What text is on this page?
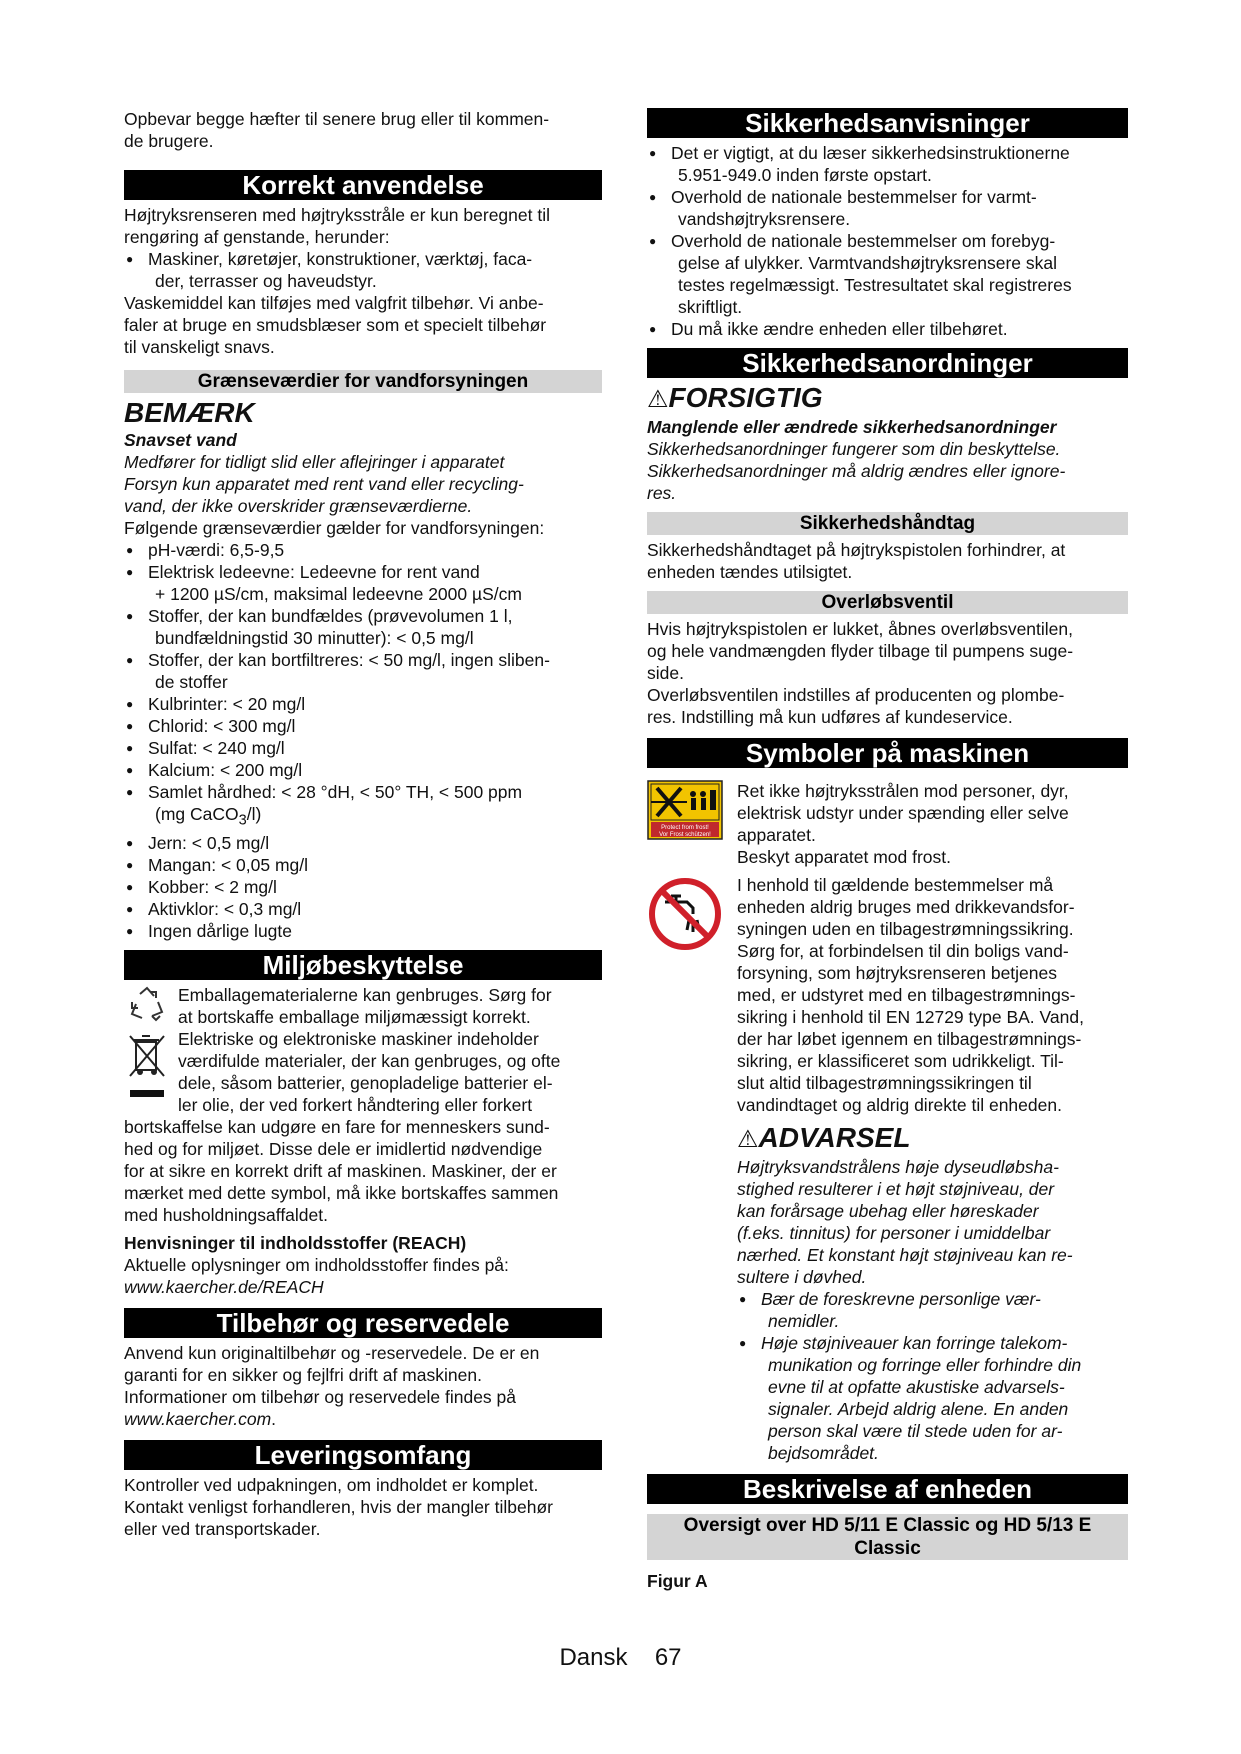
Opbevar begge hæfter til senere brug eller til kommen-
de brugere.

Korrekt anvendelse

Højtryksrenseren med højtryksstråle er kun beregnet til
rengøring af genstande, herunder:

● Maskiner, køretøjer, konstruktioner, værktøj, faca-
der, terrasser og haveudstyr.

Vaskemiddel kan tilføjes med valgfrit tilbehør. Vi anbe-
faler at bruge en smudsblæser som et specielt tilbehør
til vanskeligt snavs.

Grænseværdier for vandforsyningen
BEMÆRK
Snavset vand

Medfører for tidligt slid eller aflejringer i apparatet
Forsyn kun apparatet med rent vand eller recycling-
vand, der ikke overskrider grænseværdierne.

Følgende grænseværdier gælder for vandforsyningen:

● pH-værdi: 6,5-9,5
● Elektrisk ledeevne: Ledeevne for rent vand
+ 1200 µS/cm, maksimal ledeevne 2000 µS/cm
● Stoffer, der kan bundfældes (prøvevolumen 1 l,
bundfældningstid 30 minutter): < 0,5 mg/l
● Stoffer, der kan bortfiltreres: < 50 mg/l, ingen sliben-
de stoffer
● Kulbrinter: < 20 mg/l
● Chlorid: < 300 mg/l
● Sulfat: < 240 mg/l
● Kalcium: < 200 mg/l
● Samlet hårdhed: < 28 °dH, < 50° TH, < 500 ppm
(mg CaCO$_3$/l)
● Jern: < 0,5 mg/l
● Mangan: < 0,05 mg/l
● Kobber: < 2 mg/l
● Aktivklor: < 0,3 mg/l
● Ingen dårlige lugte
Miljøbeskyttelse
Emballagematerialerne kan genbruges. Sørg for
at bortskaffe emballage miljømæssigt korrekt.
Elektriske og elektroniske maskiner indeholder
værdifulde materialer, der kan genbruges, og ofte
dele, såsom batterier, genopladelige batterier el-
ler olie, der ved forkert håndtering eller forkert

bortskaffelse kan udgøre en fare for menneskers sund-
hed og for miljøet. Disse dele er imidlertid nødvendige
for at sikre en korrekt drift af maskinen. Maskiner, der er
mærket med dette symbol, må ikke bortskaffes sammen
med husholdningsaffaldet.

Henvisninger til indholdsstoffer (REACH)

Aktuelle oplysninger om indholdsstoffer findes på:

www.kaercher.de/REACH

Tilbehør og reservedele

Anvend kun originaltilbehør og -reservedele. De er en
garanti for en sikker og fejlfri drift af maskinen.
Informationer om tilbehør og reservedele findes på
www.kaercher.com.

Leveringsomfang

Kontroller ved udpakningen, om indholdet er komplet.
Kontakt venligst forhandleren, hvis der mangler tilbehør
eller ved transportskader.

Sikkerhedsanvisninger
● Det er vigtigt, at du læser sikkerhedsinstruktionerne
5.951-949.0 inden første opstart.
● Overhold de nationale bestemmelser for varmt-
vandshøjtryksrensere.
● Overhold de nationale bestemmelser om forebyg-
gelse af ulykker. Varmtvandshøjtryksrensere skal
testes regelmæssigt. Testresultatet skal registreres
skriftligt.
● Du må ikke ændre enheden eller tilbehøret.
Sikkerhedsanordninger
⚠FORSIGTIG
Manglende eller ændrede sikkerhedsanordninger

Sikkerhedsanordninger fungerer som din beskyttelse.
Sikkerhedsanordninger må aldrig ændres eller ignore-
res.

Sikkerhedshåndtag

Sikkerhedshåndtaget på højtrykspistolen forhindrer, at
enheden tændes utilsigtet.

Overløbsventil

Hvis højtrykspistolen er lukket, åbnes overløbsventilen,
og hele vandmængden flyder tilbage til pumpens suge-
side.
Overløbsventilen indstilles af producenten og plombe-
res. Indstilling må kun udføres af kundeservice.

Symboler på maskinen
Protect from frost!
Vor Frost schützen!
Ret ikke højtryksstrålen mod personer, dyr,
elektrisk udstyr under spænding eller selve
apparatet.
Beskyt apparatet mod frost.
I henhold til gældende bestemmelser må
enheden aldrig bruges med drikkevandsfor-
syningen uden en tilbagestrømningssikring.
Sørg for, at forbindelsen til din boligs vand-
forsyning, som højtryksrenseren betjenes
med, er udstyret med en tilbagestrømnings-
sikring i henhold til EN 12729 type BA. Vand,
der har løbet igennem en tilbagestrømnings-
sikring, er klassificeret som udrikkeligt. Til-
slut altid tilbagestrømningssikringen til
vandindtaget og aldrig direkte til enheden.
⚠ADVARSEL

Højtryksvandstrålens høje dyseudløbsha-
stighed resulterer i et højt støjniveau, der
kan forårsage ubehag eller høreskader
(f.eks. tinnitus) for personer i umiddelbar
nærhed. Et konstant højt støjniveau kan re-
sultere i døvhed.

● Bær de foreskrevne personlige vær-
nemidler.
● Høje støjniveauer kan forringe talekom-
munikation og forringe eller forhindre din
evne til at opfatte akustiske advarsels-
signaler. Arbejd aldrig alene. En anden
person skal være til stede uden for ar-
bejdsområdet.
Beskrivelse af enheden
Oversigt over HD 5/11 E Classic og HD 5/13 E
Classic

Figur A

Dansk 67
